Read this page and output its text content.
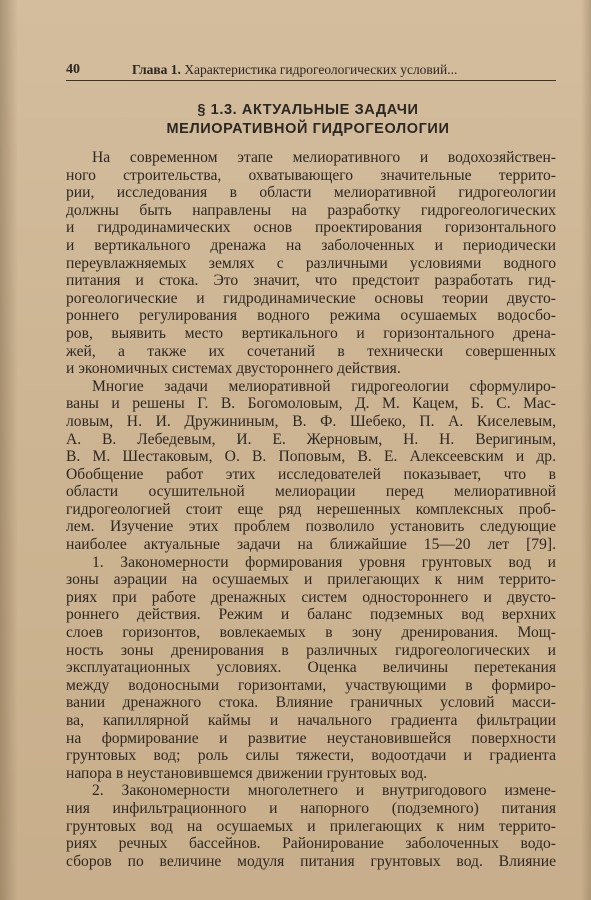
40	Глава 1. Характеристика гидрогеологических условий...
§ 1.3. АКТУАЛЬНЫЕ ЗАДАЧИ
МЕЛИОРАТИВНОЙ ГИДРОГЕОЛОГИИ
На современном этапе мелиоративного и водохозяйствен-
ного строительства, охватывающего значительные террито-
рии, исследования в области мелиоративной гидрогеологии
должны быть направлены на разработку гидрогеологических
и гидродинамических основ проектирования горизонтального
и вертикального дренажа на заболоченных и периодически
переувлажняемых землях с различными условиями водного
питания и стока. Это значит, что предстоит разработать гид-
рогеологические и гидродинамические основы теории двусто-
роннего регулирования водного режима осушаемых водосбо-
ров, выявить место вертикального и горизонтального дрена-
жей, а также их сочетаний в технически совершенных
и экономичных системах двустороннего действия.
Многие задачи мелиоративной гидрогеологии сформулиро-
ваны и решены Г. В. Богомоловым, Д. М. Кацем, Б. С. Мас-
ловым, Н. И. Дружининым, В. Ф. Шебеко, П. А. Киселевым,
А. В. Лебедевым, И. Е. Жерновым, Н. Н. Веригиным,
В. М. Шестаковым, О. В. Поповым, В. Е. Алексеевским и др.
Обобщение работ этих исследователей показывает, что в
области осушительной мелиорации перед мелиоративной
гидрогеологией стоит еще ряд нерешенных комплексных проб-
лем. Изучение этих проблем позволило установить следующие
наиболее актуальные задачи на ближайшие 15—20 лет [79].
1. Закономерности формирования уровня грунтовых вод и
зоны аэрации на осушаемых и прилегающих к ним террито-
риях при работе дренажных систем одностороннего и двусто-
роннего действия. Режим и баланс подземных вод верхних
слоев горизонтов, вовлекаемых в зону дренирования. Мощ-
ность зоны дренирования в различных гидрогеологических и
эксплуатационных условиях. Оценка величины перетекания
между водоносными горизонтами, участвующими в формиро-
вании дренажного стока. Влияние граничных условий масси-
ва, капиллярной каймы и начального градиента фильтрации
на формирование и развитие неустановившейся поверхности
грунтовых вод; роль силы тяжести, водоотдачи и градиента
напора в неустановившемся движении грунтовых вод.
2. Закономерности многолетнего и внутригодового измене-
ния инфильтрационного и напорного (подземного) питания
грунтовых вод на осушаемых и прилегающих к ним террито-
риях речных бассейнов. Районирование заболоченных водо-
сборов по величине модуля питания грунтовых вод. Влияние
